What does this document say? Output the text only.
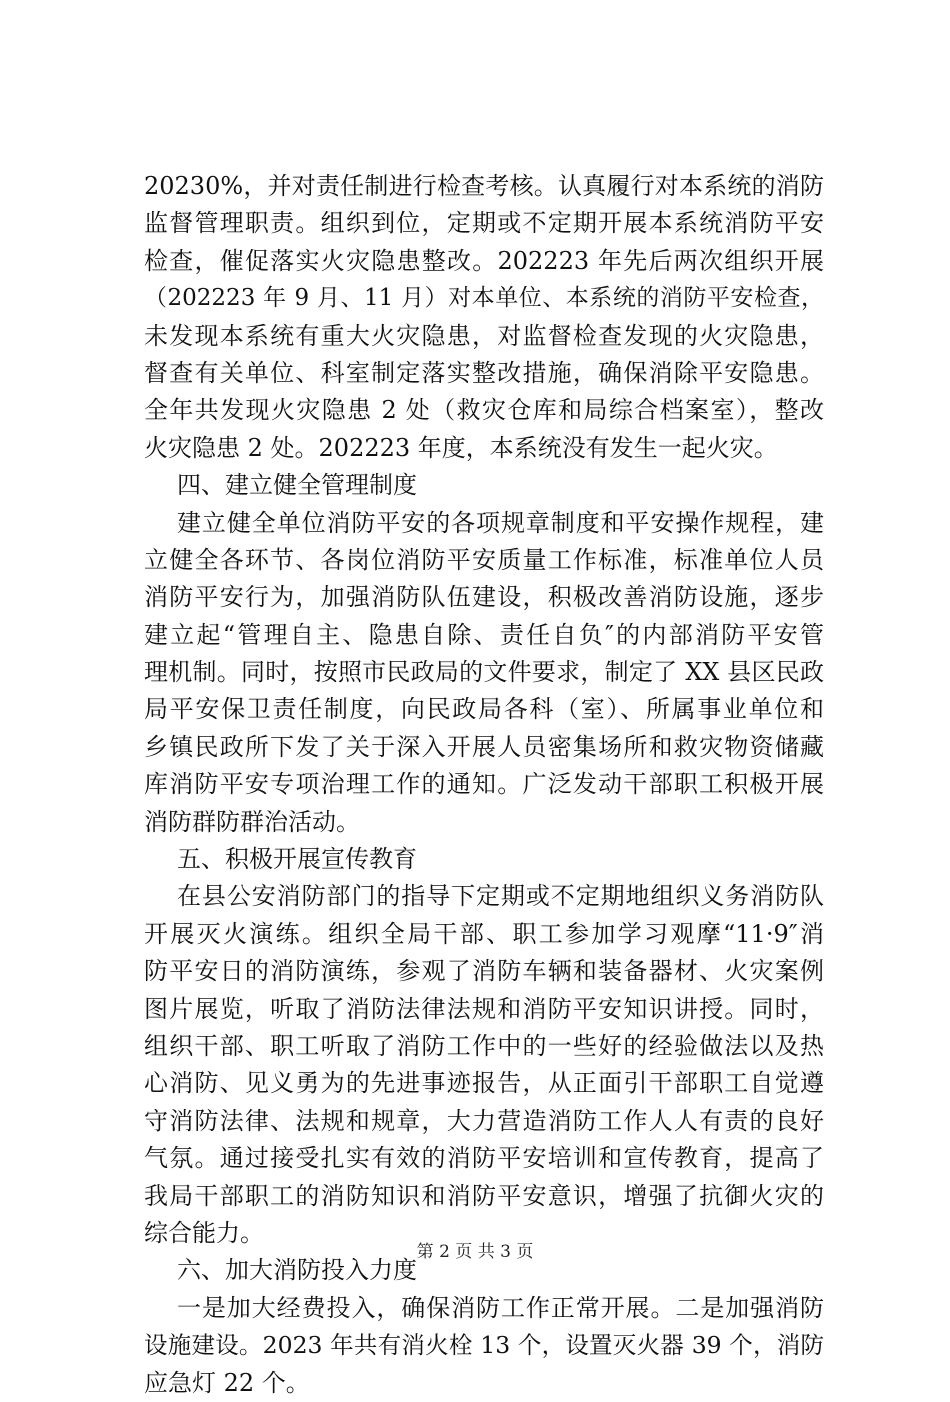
20230%，并对责任制进行检查考核。认真履行对本系统的消防
监督管理职责。组织到位，定期或不定期开展本系统消防平安
检查，催促落实火灾隐患整改。202223 年先后两次组织开展
（202223 年 9 月、11 月）对本单位、本系统的消防平安检查，
未发现本系统有重大火灾隐患，对监督检查发现的火灾隐患，
督查有关单位、科室制定落实整改措施，确保消除平安隐患。
全年共发现火灾隐患 2 处（救灾仓库和局综合档案室），整改
火灾隐患 2 处。202223 年度，本系统没有发生一起火灾。
四、建立健全管理制度
建立健全单位消防平安的各项规章制度和平安操作规程，建
立健全各环节、各岗位消防平安质量工作标准，标准单位人员
消防平安行为，加强消防队伍建设，积极改善消防设施，逐步
建立起“管理自主、隐患自除、责任自负″的内部消防平安管
理机制。同时，按照市民政局的文件要求，制定了 XX 县区民政
局平安保卫责任制度，向民政局各科（室）、所属事业单位和
乡镇民政所下发了关于深入开展人员密集场所和救灾物资储藏
库消防平安专项治理工作的通知。广泛发动干部职工积极开展
消防群防群治活动。
五、积极开展宣传教育
在县公安消防部门的指导下定期或不定期地组织义务消防队
开展灭火演练。组织全局干部、职工参加学习观摩“11·9″消
防平安日的消防演练，参观了消防车辆和装备器材、火灾案例
图片展览，听取了消防法律法规和消防平安知识讲授。同时，
组织干部、职工听取了消防工作中的一些好的经验做法以及热
心消防、见义勇为的先进事迹报告，从正面引干部职工自觉遵
守消防法律、法规和规章，大力营造消防工作人人有责的良好
气氛。通过接受扎实有效的消防平安培训和宣传教育，提高了
我局干部职工的消防知识和消防平安意识，增强了抗御火灾的
综合能力。
六、加大消防投入力度
一是加大经费投入，确保消防工作正常开展。二是加强消防
设施建设。2023 年共有消火栓 13 个，设置灭火器 39 个，消防
应急灯 22 个。
第 2 页 共 3 页
